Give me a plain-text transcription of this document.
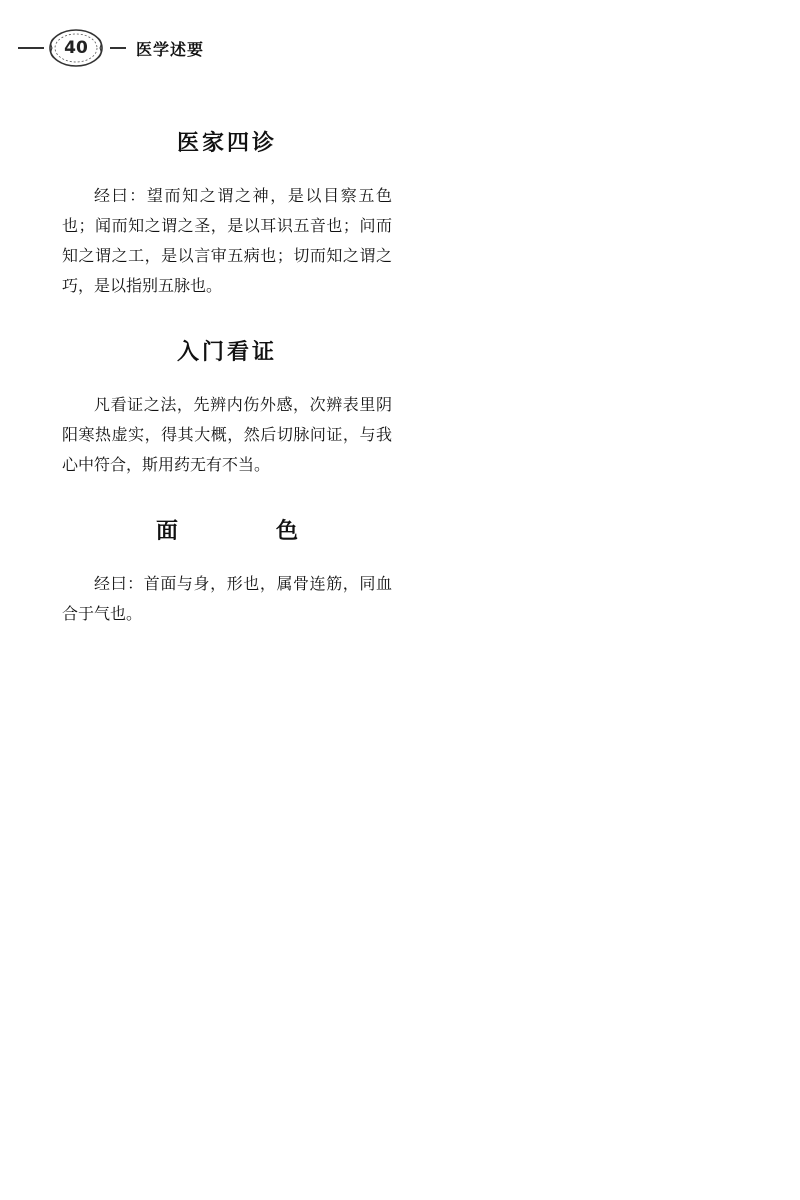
40	医学述要
医家四诊

经曰：望而知之谓之神，是以目察五色也；闻而知之谓之圣，是以耳识五音也；问而知之谓之工，是以言审五病也；切而知之谓之巧，是以指别五脉也。

入门看证

凡看证之法，先辨内伤外感，次辨表里阴阳寒热虚实，得其大概，然后切脉问证，与我心中符合，斯用药无有不当。

面　色

经曰：首面与身，形也，属骨连筋，同血合于气也。
